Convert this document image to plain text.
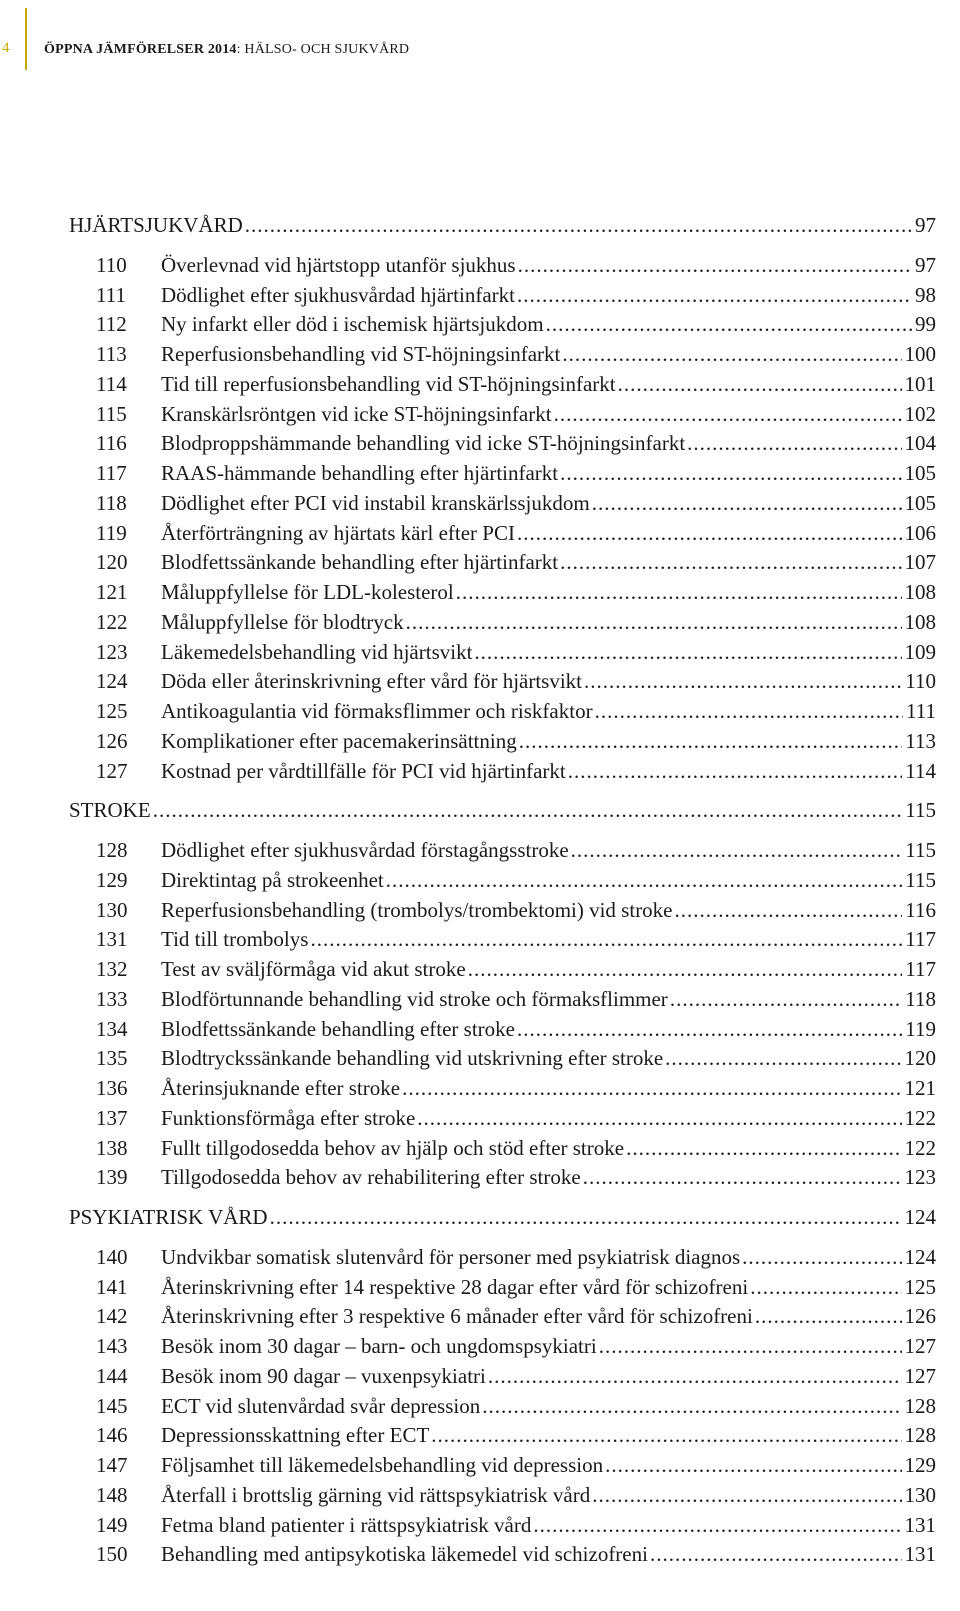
4 ÖPPNA JÄMFÖRELSER 2014: HÄLSO- OCH SJUKVÅRD
HJÄRTSJUKVÅRD .....	97
110	Överlevnad vid hjärtstopp utanför sjukhus .....	97
111	Dödlighet efter sjukhusvårdad hjärtinfarkt .....	98
112	Ny infarkt eller död i ischemisk hjärtsjukdom .....	99
113	Reperfusionsbehandling vid ST-höjningsinfarkt .....	100
114	Tid till reperfusionsbehandling vid ST-höjningsinfarkt .....	101
115	Kranskärlsröntgen vid icke ST-höjningsinfarkt .....	102
116	Blodproppshämmande behandling vid icke ST-höjningsinfarkt .....	104
117	RAAS-hämmande behandling efter hjärtinfarkt .....	105
118	Dödlighet efter PCI vid instabil kranskärlssjukdom .....	105
119	Återförträngning av hjärtats kärl efter PCI .....	106
120	Blodfettssänkande behandling efter hjärtinfarkt .....	107
121	Måluppfyllelse för LDL-kolesterol .....	108
122	Måluppfyllelse för blodtryck .....	108
123	Läkemedelsbehandling vid hjärtsvikt .....	109
124	Döda eller återinskrivning efter vård för hjärtsvikt .....	110
125	Antikoagulantia vid förmaksflimmer och riskfaktor .....	111
126	Komplikationer efter pacemakerinsättning .....	113
127	Kostnad per vårdtillfälle för PCI vid hjärtinfarkt .....	114
STROKE .....	115
128	Dödlighet efter sjukhusvårdad förstagångsstroke .....	115
129	Direktintag på strokeenhet .....	115
130	Reperfusionsbehandling (trombolys/trombektomi) vid stroke .....	116
131	Tid till trombolys .....	117
132	Test av sväljförmåga vid akut stroke .....	117
133	Blodförtunnande behandling vid stroke och förmaksflimmer .....	118
134	Blodfettssänkande behandling efter stroke .....	119
135	Blodtryckssänkande behandling vid utskrivning efter stroke .....	120
136	Återinsjuknande efter stroke .....	121
137	Funktionsförmåga efter stroke .....	122
138	Fullt tillgodosedda behov av hjälp och stöd efter stroke .....	122
139	Tillgodosedda behov av rehabilitering efter stroke .....	123
PSYKIATRISK VÅRD .....	124
140	Undvikbar somatisk slutenvård för personer med psykiatrisk diagnos .....	124
141	Återinskrivning efter 14 respektive 28 dagar efter vård för schizofreni .....	125
142	Återinskrivning efter 3 respektive 6 månader efter vård för schizofreni .....	126
143	Besök inom 30 dagar – barn- och ungdomspsykiatri .....	127
144	Besök inom 90 dagar – vuxenpsykiatri .....	127
145	ECT vid slutenvårdad svår depression .....	128
146	Depressionsskattning efter ECT .....	128
147	Följsamhet till läkemedelsbehandling vid depression .....	129
148	Återfall i brottslig gärning vid rättspsykiatrisk vård .....	130
149	Fetma bland patienter i rättspsykiatrisk vård .....	131
150	Behandling med antipsykotiska läkemedel vid schizofreni .....	131
